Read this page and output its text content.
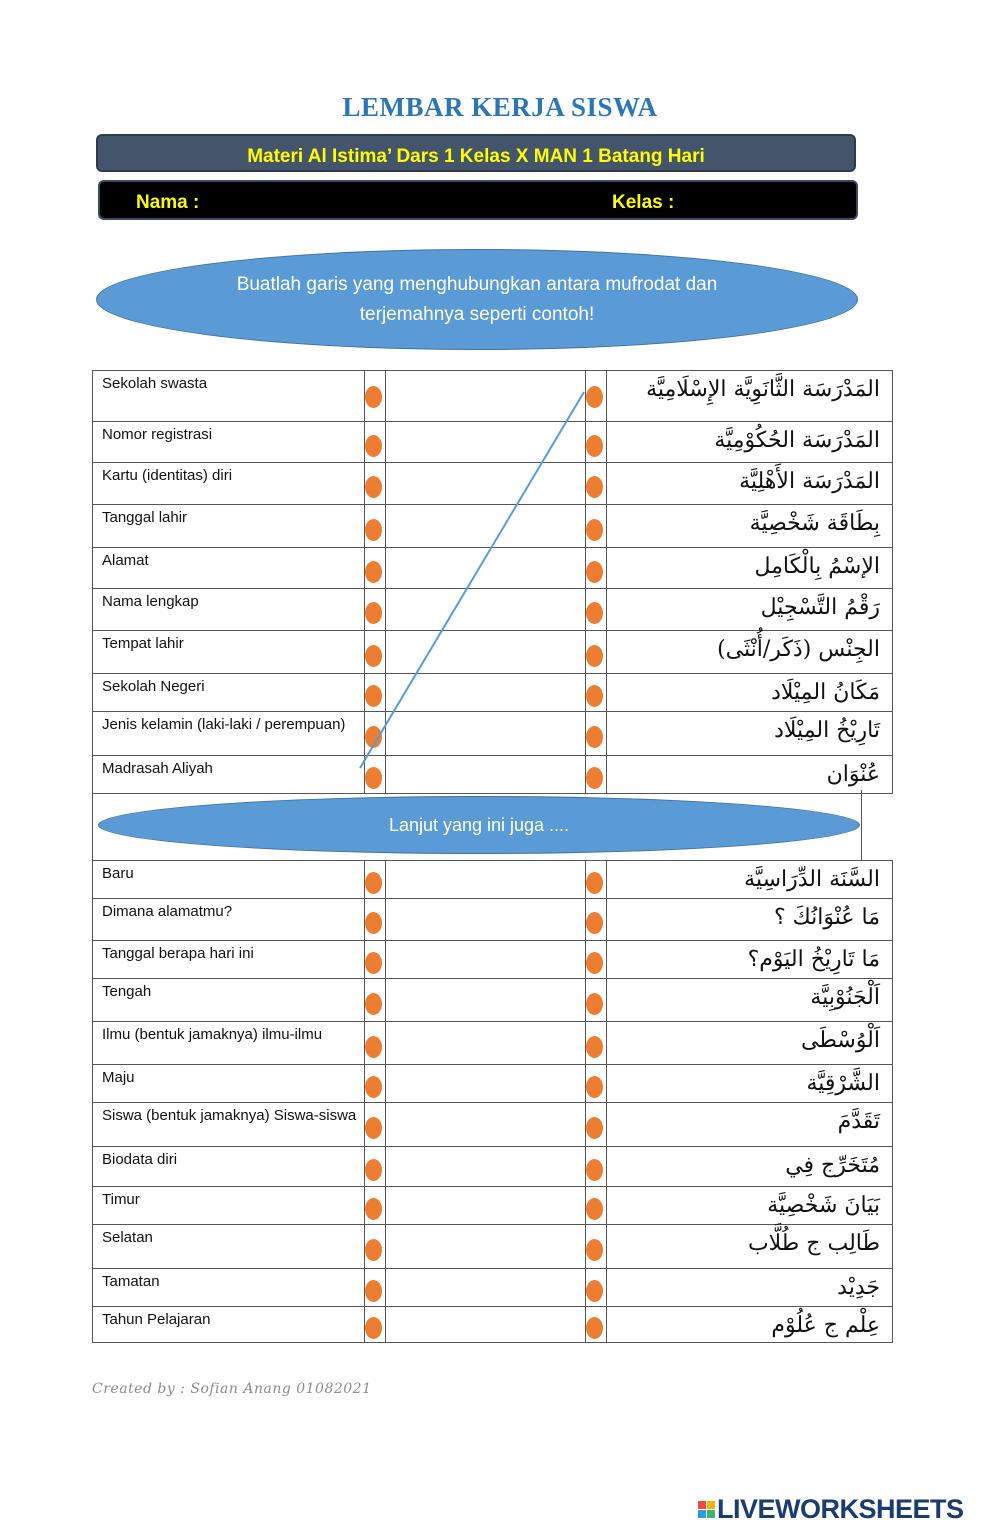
LEMBAR KERJA SISWA
Materi Al Istima’ Dars 1 Kelas X MAN 1 Batang Hari
Nama :	Kelas :
Buatlah garis yang menghubungkan antara mufrodat dan terjemahnya seperti contoh!
Sekolah swasta				المَدْرَسَة الثَّانَوِيَّة الإِسْلَامِيَّة
Nomor registrasi				المَدْرَسَة الحُكُوْمِيَّة
Kartu (identitas) diri				المَدْرَسَة الأَهْلِيَّة
Tanggal lahir				بِطَاقَة شَخْصِيَّة
Alamat				الإسْمُ بِالْكَامِل
Nama lengkap				رَقْمُ التَّسْجِيْل
Tempat lahir				الجِنْس (ذَكَر/أُنْثَى)
Sekolah Negeri				مَكَانُ المِيْلَاد
Jenis kelamin (laki-laki / perempuan)				تَارِيْخُ المِيْلَاد
Madrasah Aliyah				عُنْوَان
Lanjut yang ini juga ....
Baru				السَّنَة الدِّرَاسِيَّة
Dimana alamatmu?				مَا عُنْوَانُكَ ؟
Tanggal berapa hari ini				مَا تَارِيْخُ اليَوْم؟
Tengah				اَلْجَنُوْبِيَّة
Ilmu (bentuk jamaknya) ilmu-ilmu				اَلْوُسْطَى
Maju				الشَّرْقِيَّة
Siswa (bentuk jamaknya) Siswa-siswa				تَقَدَّمَ
Biodata diri				مُتَخَرِّج فِي
Timur				بَيَانَ شَخْصِيَّة
Selatan				طَالِب ج طُلَّاب
Tamatan				جَدِيْد
Tahun Pelajaran				عِلْم ج عُلُوْم
Created by : Sofian Anang 01082021
LIVEWORKSHEETS
